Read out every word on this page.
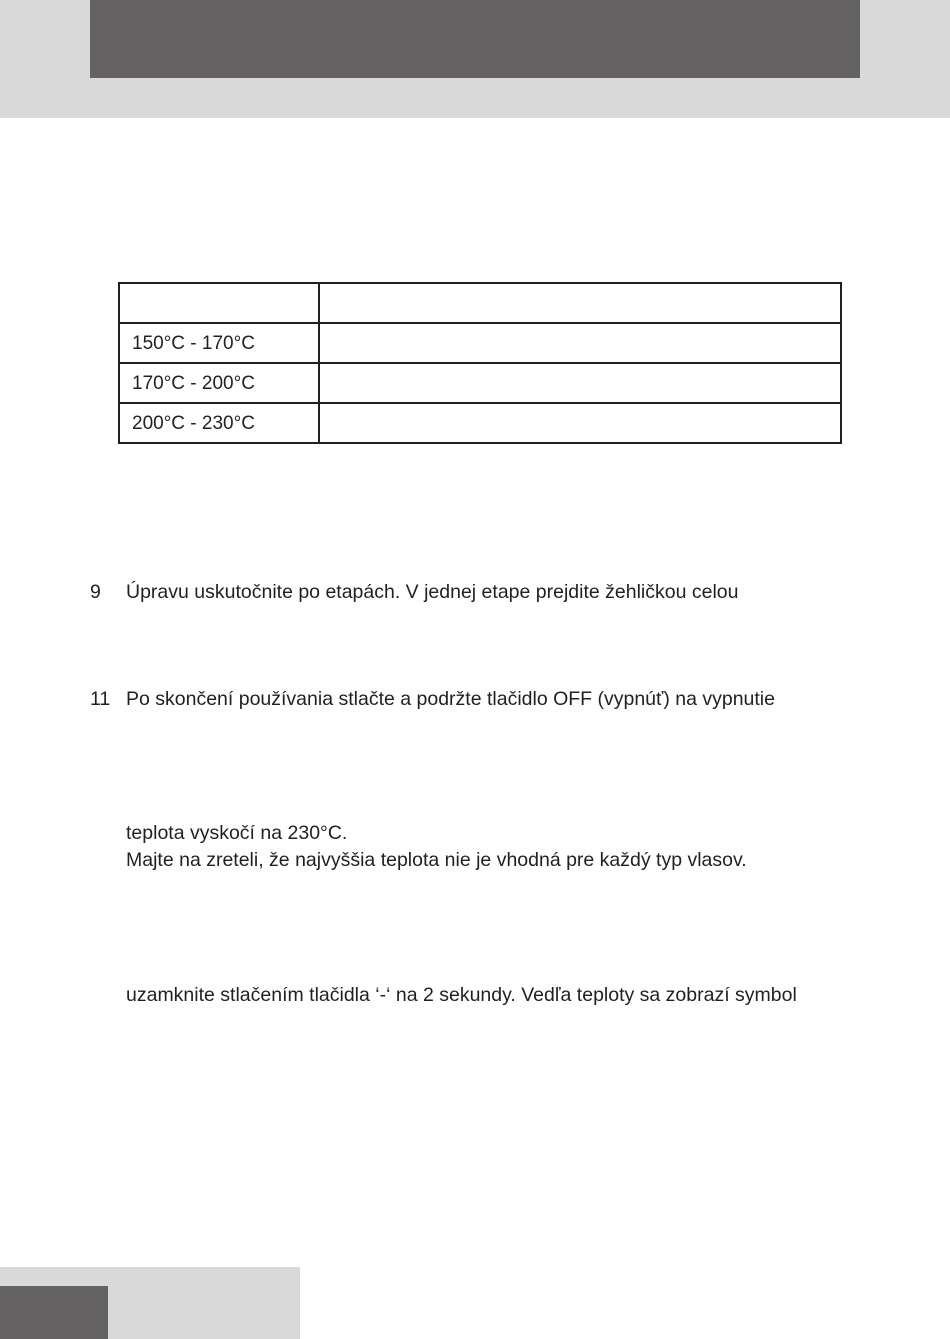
150°C - 170°C	
170°C - 200°C	
200°C - 230°C	
9 Úpravu uskutočnite po etapách. V jednej etape prejdite žehličkou celou
11 Po skončení používania stlačte a podržte tlačidlo OFF (vypnúť) na vypnutie
teplota vyskočí na 230°C.
Majte na zreteli, že najvyššia teplota nie je vhodná pre každý typ vlasov.
uzamknite stlačením tlačidla ‘-‘ na 2 sekundy. Vedľa teploty sa zobrazí symbol
